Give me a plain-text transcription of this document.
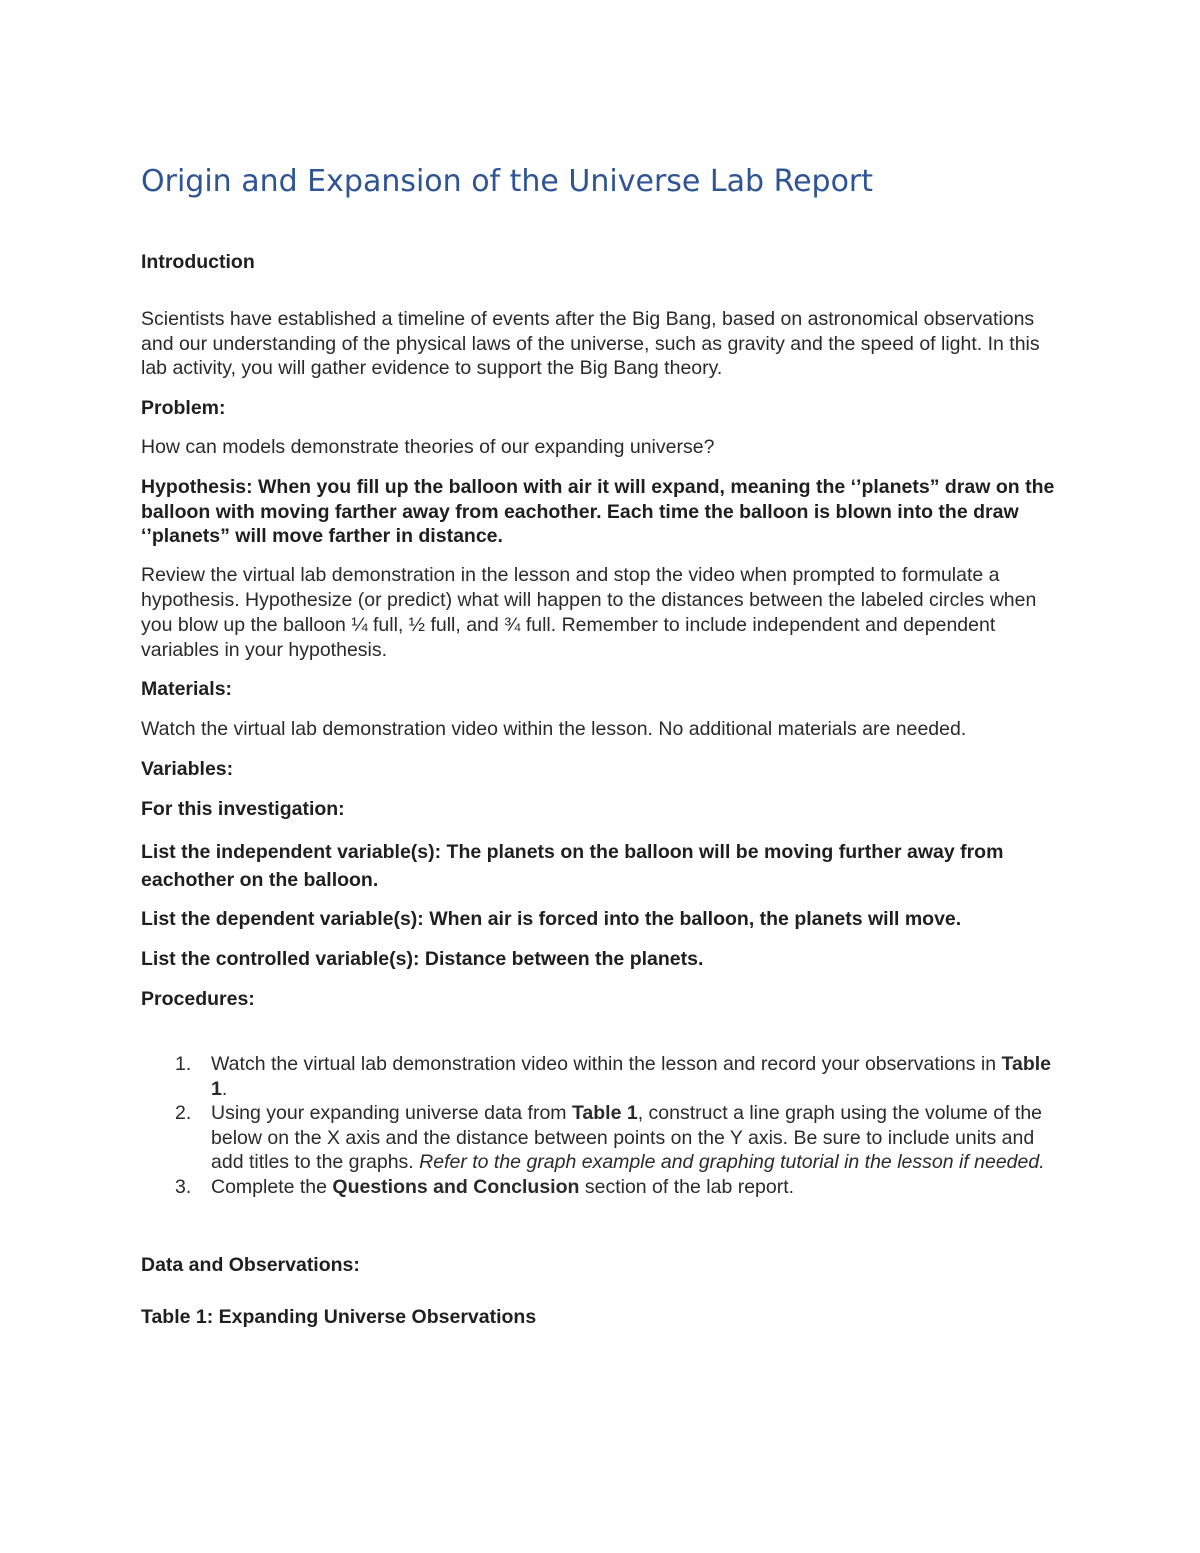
Origin and Expansion of the Universe Lab Report

Introduction

Scientists have established a timeline of events after the Big Bang, based on astronomical observations and our understanding of the physical laws of the universe, such as gravity and the speed of light. In this lab activity, you will gather evidence to support the Big Bang theory.

Problem:

How can models demonstrate theories of our expanding universe?

Hypothesis: When you fill up the balloon with air it will expand, meaning the ‘’planets” draw on the balloon with moving farther away from eachother. Each time the balloon is blown into the draw ‘’planets” will move farther in distance.

Review the virtual lab demonstration in the lesson and stop the video when prompted to formulate a hypothesis. Hypothesize (or predict) what will happen to the distances between the labeled circles when you blow up the balloon ¼ full, ½ full, and ¾ full. Remember to include independent and dependent variables in your hypothesis.

Materials:

Watch the virtual lab demonstration video within the lesson. No additional materials are needed.

Variables:

For this investigation:

List the independent variable(s): The planets on the balloon will be moving further away from eachother on the balloon.

List the dependent variable(s): When air is forced into the balloon, the planets will move.

List the controlled variable(s): Distance between the planets.

Procedures:

1. Watch the virtual lab demonstration video within the lesson and record your observations in Table 1.
2. Using your expanding universe data from Table 1, construct a line graph using the volume of the below on the X axis and the distance between points on the Y axis. Be sure to include units and add titles to the graphs. Refer to the graph example and graphing tutorial in the lesson if needed.
3. Complete the Questions and Conclusion section of the lab report.

Data and Observations:

Table 1: Expanding Universe Observations
